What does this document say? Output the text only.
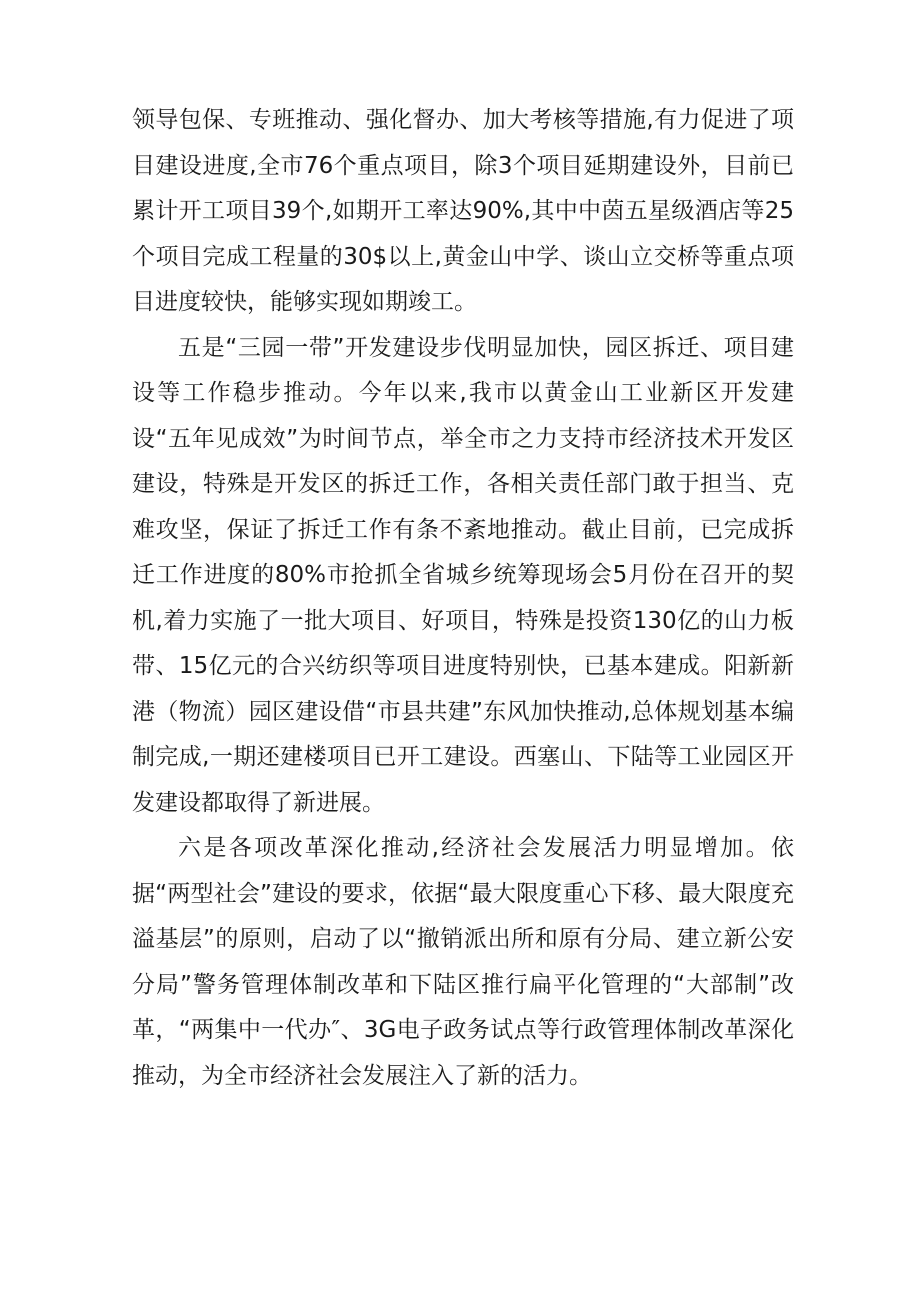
领导包保、专班推动、强化督办、加大考核等措施,有力促进了项目建设进度,全市76个重点项目，除3个项目延期建设外，目前已累计开工项目39个,如期开工率达90%,其中中茵五星级酒店等25个项目完成工程量的30$以上,黄金山中学、谈山立交桥等重点项目进度较快，能够实现如期竣工。

五是“三园一带”开发建设步伐明显加快，园区拆迁、项目建设等工作稳步推动。今年以来,我市以黄金山工业新区开发建设“五年见成效”为时间节点，举全市之力支持市经济技术开发区建设，特殊是开发区的拆迁工作，各相关责任部门敢于担当、克难攻坚，保证了拆迁工作有条不紊地推动。截止目前，已完成拆迁工作进度的80%市抢抓全省城乡统筹现场会5月份在召开的契机,着力实施了一批大项目、好项目，特殊是投资130亿的山力板带、15亿元的合兴纺织等项目进度特别快，已基本建成。阳新新港（物流）园区建设借“市县共建”东风加快推动,总体规划基本编制完成,一期还建楼项目已开工建设。西塞山、下陆等工业园区开发建设都取得了新进展。

六是各项改革深化推动,经济社会发展活力明显增加。依据“两型社会”建设的要求，依据“最大限度重心下移、最大限度充溢基层”的原则，启动了以“撤销派出所和原有分局、建立新公安分局”警务管理体制改革和下陆区推行扁平化管理的“大部制”改革，“两集中一代办″、3G电子政务试点等行政管理体制改革深化推动，为全市经济社会发展注入了新的活力。
